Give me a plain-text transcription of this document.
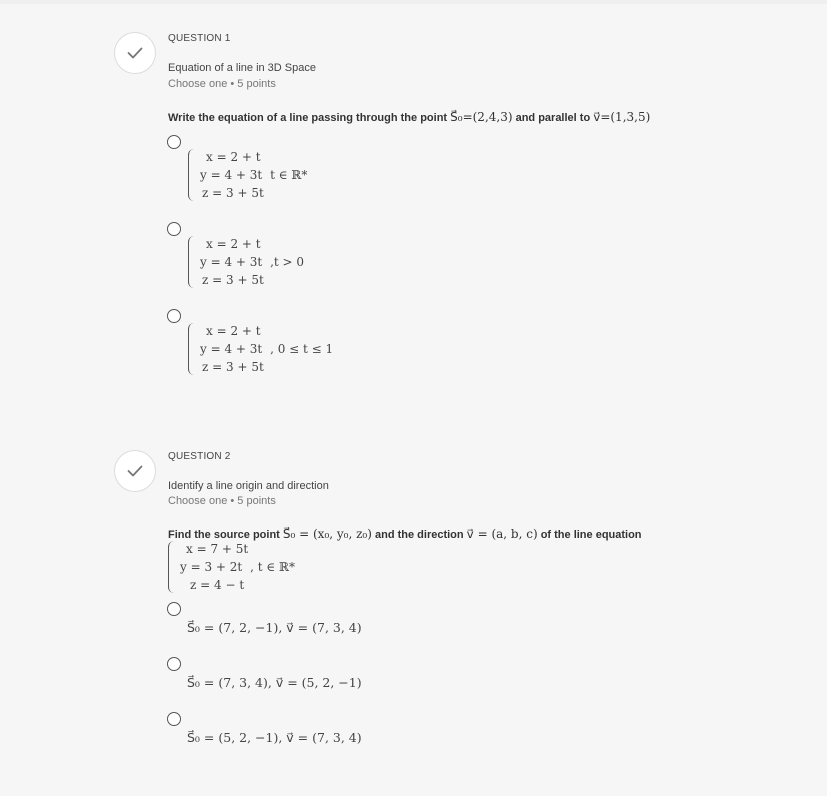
QUESTION 1
Equation of a line in 3D Space
Choose one • 5 points
Write the equation of a line passing through the point S⃗₀=(2,4,3) and parallel to v⃗=(1,3,5)
x = 2 + t
y = 4 + 3t t ∈ ℝ*
z = 3 + 5t
x = 2 + t
y = 4 + 3t ,t > 0
z = 3 + 5t
x = 2 + t
y = 4 + 3t , 0 ≤ t ≤ 1
z = 3 + 5t
QUESTION 2
Identify a line origin and direction
Choose one • 5 points
Find the source point S⃗₀ = (x₀, y₀, z₀) and the direction v⃗ = (a, b, c) of the line equation
x = 7 + 5t
y = 3 + 2t , t ∈ ℝ*
z = 4 − t
S⃗₀ = (7, 2, −1), v⃗ = (7, 3, 4)
S⃗₀ = (7, 3, 4), v⃗ = (5, 2, −1)
S⃗₀ = (5, 2, −1), v⃗ = (7, 3, 4)
